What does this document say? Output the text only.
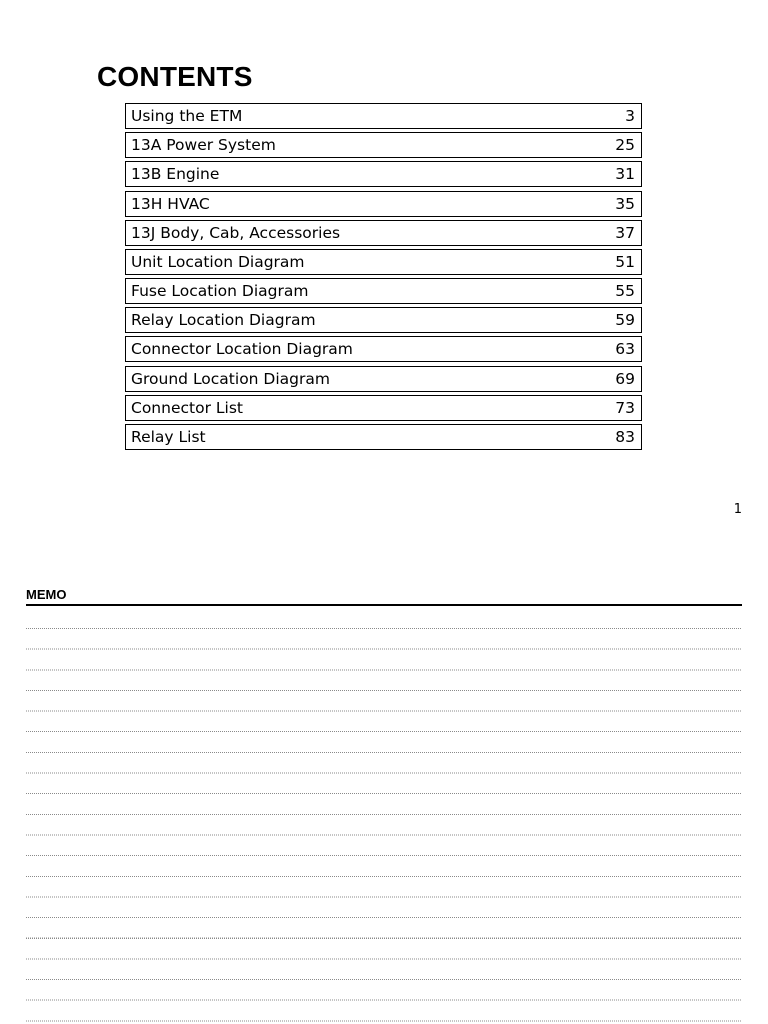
CONTENTS
Using the ETM	3
13A Power System	25
13B Engine	31
13H HVAC	35
13J Body, Cab, Accessories	37
Unit Location Diagram	51
Fuse Location Diagram	55
Relay Location Diagram	59
Connector Location Diagram	63
Ground Location Diagram	69
Connector List	73
Relay List	83
1
MEMO
